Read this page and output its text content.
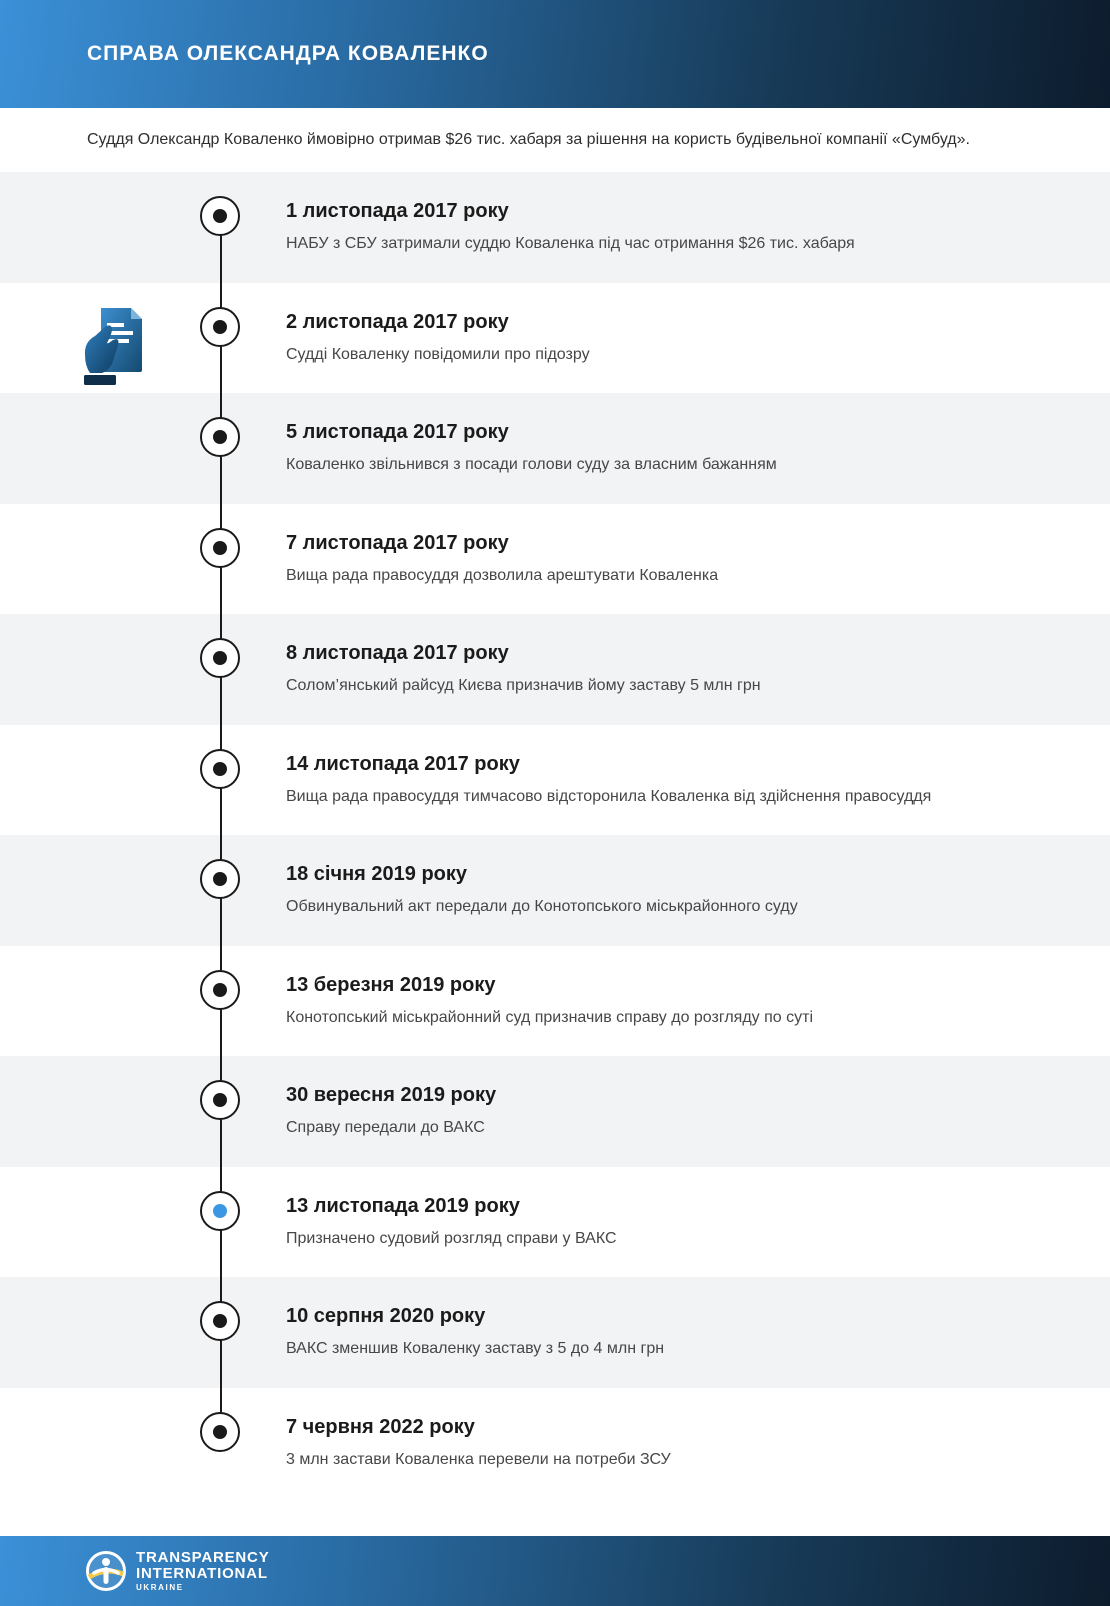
СПРАВА ОЛЕКСАНДРА КОВАЛЕНКО

Суддя Олександр Коваленко ймовірно отримав $26 тис. хабаря за рішення на користь будівельної компанії «Сумбуд».

1 листопада 2017 року
НАБУ з СБУ затримали суддю Коваленка під час отримання $26 тис. хабаря
2 листопада 2017 року
Судді Коваленку повідомили про підозру
5 листопада 2017 року
Коваленко звільнився з посади голови суду за власним бажанням
7 листопада 2017 року
Вища рада правосуддя дозволила арештувати Коваленка
8 листопада 2017 року
Солом’янський райсуд Києва призначив йому заставу 5 млн грн
14 листопада 2017 року
Вища рада правосуддя тимчасово відсторонила Коваленка від здійснення правосуддя
18 січня 2019 року
Обвинувальний акт передали до Конотопського міськрайонного суду
13 березня 2019 року
Конотопський міськрайонний суд призначив справу до розгляду по суті
30 вересня 2019 року
Справу передали до ВАКС
13 листопада 2019 року
Призначено судовий розгляд справи у ВАКС
10 серпня 2020 року
ВАКС зменшив Коваленку заставу з 5 до 4 млн грн
7 червня 2022 року
3 млн застави Коваленка перевели на потреби ЗСУ
TRANSPARENCY
INTERNATIONAL
UKRAINE
